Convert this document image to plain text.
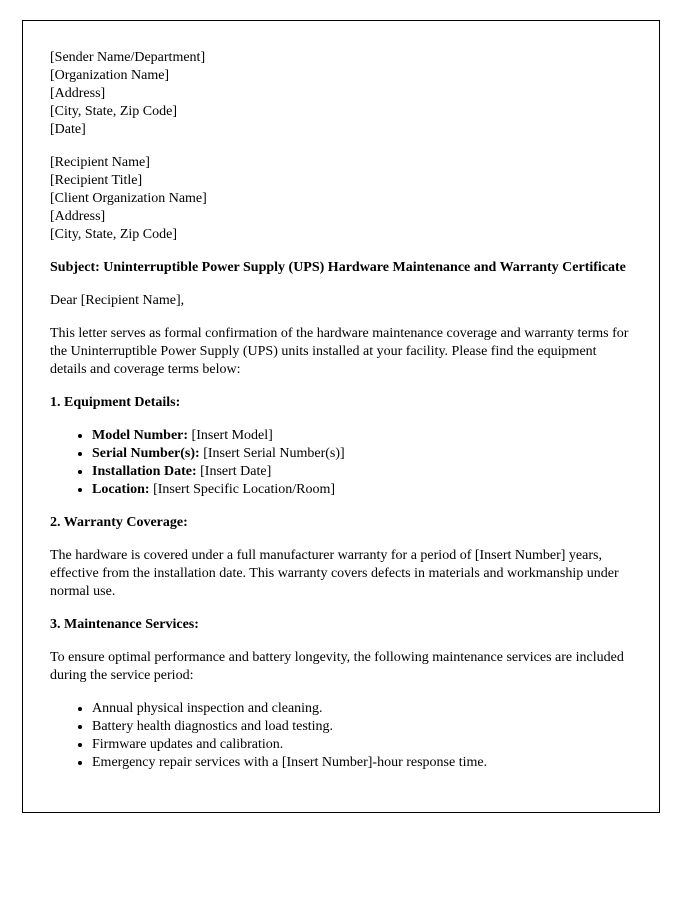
[Sender Name/Department]
[Organization Name]
[Address]
[City, State, Zip Code]
[Date]
[Recipient Name]
[Recipient Title]
[Client Organization Name]
[Address]
[City, State, Zip Code]

Subject: Uninterruptible Power Supply (UPS) Hardware Maintenance and Warranty Certificate

Dear [Recipient Name],

This letter serves as formal confirmation of the hardware maintenance coverage and warranty terms for the Uninterruptible Power Supply (UPS) units installed at your facility. Please find the equipment details and coverage terms below:

1. Equipment Details:

• Model Number: [Insert Model]
• Serial Number(s): [Insert Serial Number(s)]
• Installation Date: [Insert Date]
• Location: [Insert Specific Location/Room]

2. Warranty Coverage:

The hardware is covered under a full manufacturer warranty for a period of [Insert Number] years, effective from the installation date. This warranty covers defects in materials and workmanship under normal use.

3. Maintenance Services:

To ensure optimal performance and battery longevity, the following maintenance services are included during the service period:

• Annual physical inspection and cleaning.
• Battery health diagnostics and load testing.
• Firmware updates and calibration.
• Emergency repair services with a [Insert Number]-hour response time.
